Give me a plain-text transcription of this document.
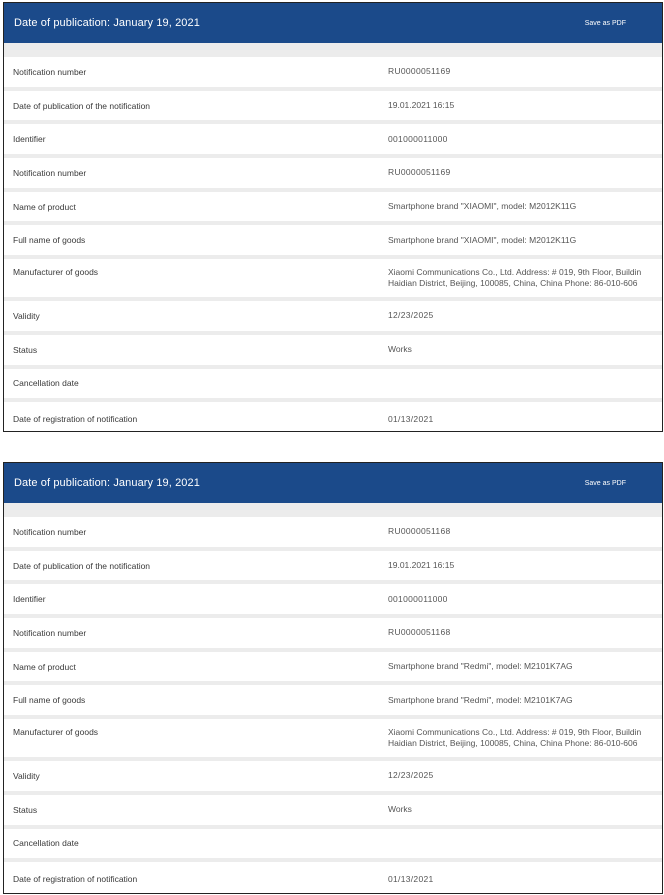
Date of publication: January 19, 2021	Save as PDF
Notification number	RU0000051169
Date of publication of the notification	19.01.2021 16:15
Identifier	001000011000
Notification number	RU0000051169
Name of product	Smartphone brand "XIAOMI", model: M2012K11G
Full name of goods	Smartphone brand "XIAOMI", model: M2012K11G
Manufacturer of goods	Xiaomi Communications Co., Ltd. Address: # 019, 9th Floor, Buildin
Haidian District, Beijing, 100085, China, China Phone: 86-010-606
Validity	12/23/2025
Status	Works
Cancellation date
Date of registration of notification	01/13/2021
Date of publication: January 19, 2021	Save as PDF
Notification number	RU0000051168
Date of publication of the notification	19.01.2021 16:15
Identifier	001000011000
Notification number	RU0000051168
Name of product	Smartphone brand "Redmi", model: M2101K7AG
Full name of goods	Smartphone brand "Redmi", model: M2101K7AG
Manufacturer of goods	Xiaomi Communications Co., Ltd. Address: # 019, 9th Floor, Buildin
Haidian District, Beijing, 100085, China, China Phone: 86-010-606
Validity	12/23/2025
Status	Works
Cancellation date
Date of registration of notification	01/13/2021
